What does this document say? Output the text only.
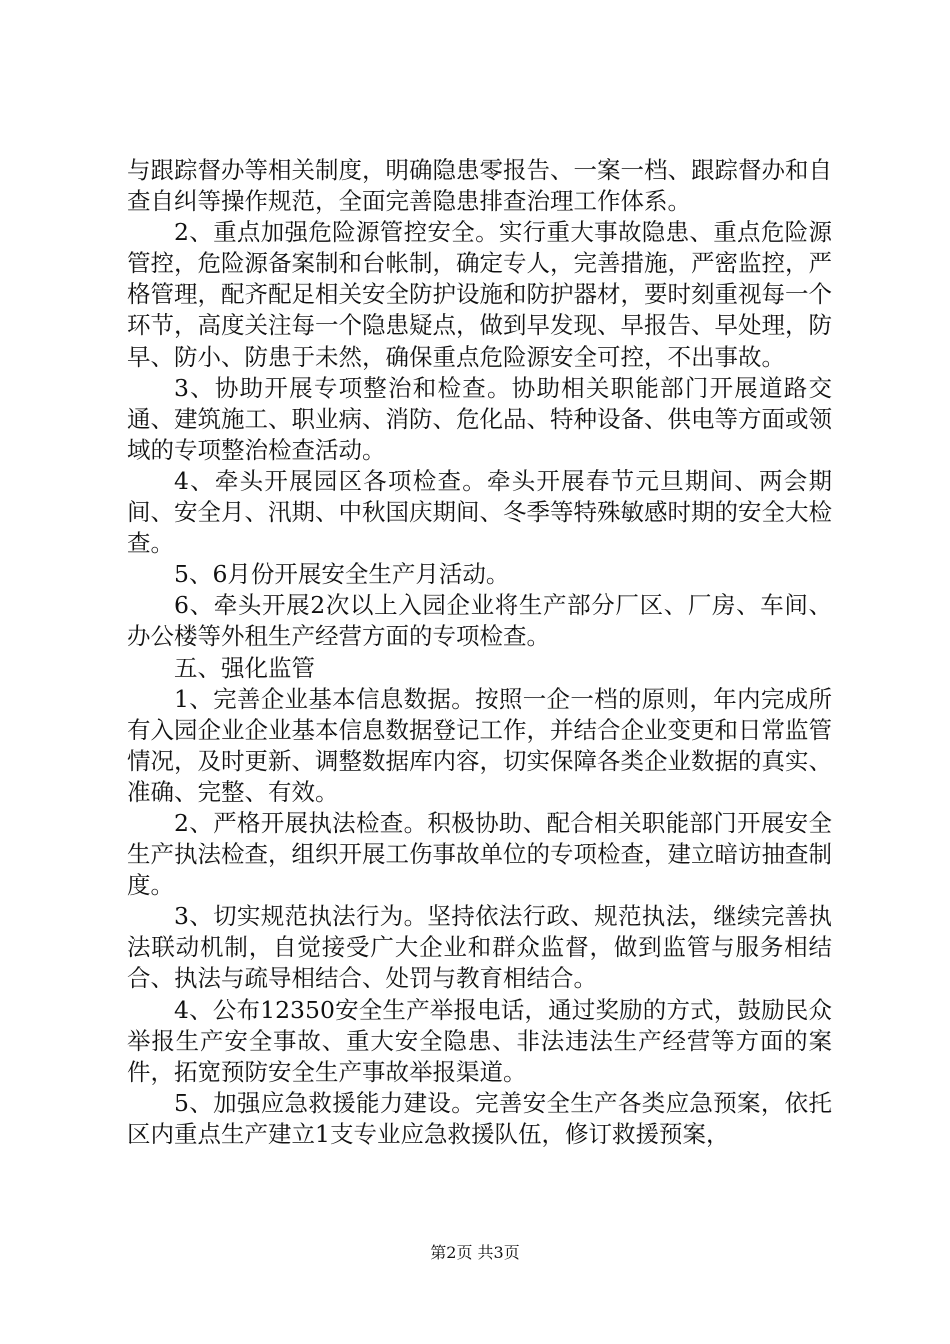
与跟踪督办等相关制度，明确隐患零报告、一案一档、跟踪督办和自查自纠等操作规范，全面完善隐患排查治理工作体系。

2、重点加强危险源管控安全。实行重大事故隐患、重点危险源管控，危险源备案制和台帐制，确定专人，完善措施，严密监控，严格管理，配齐配足相关安全防护设施和防护器材，要时刻重视每一个环节，高度关注每一个隐患疑点，做到早发现、早报告、早处理，防早、防小、防患于未然，确保重点危险源安全可控，不出事故。

3、协助开展专项整治和检查。协助相关职能部门开展道路交通、建筑施工、职业病、消防、危化品、特种设备、供电等方面或领域的专项整治检查活动。

4、牵头开展园区各项检查。牵头开展春节元旦期间、两会期间、安全月、汛期、中秋国庆期间、冬季等特殊敏感时期的安全大检查。

5、6月份开展安全生产月活动。

6、牵头开展2次以上入园企业将生产部分厂区、厂房、车间、办公楼等外租生产经营方面的专项检查。

五、强化监管

1、完善企业基本信息数据。按照一企一档的原则，年内完成所有入园企业企业基本信息数据登记工作，并结合企业变更和日常监管情况，及时更新、调整数据库内容，切实保障各类企业数据的真实、准确、完整、有效。

2、严格开展执法检查。积极协助、配合相关职能部门开展安全生产执法检查，组织开展工伤事故单位的专项检查，建立暗访抽查制度。

3、切实规范执法行为。坚持依法行政、规范执法，继续完善执法联动机制，自觉接受广大企业和群众监督，做到监管与服务相结合、执法与疏导相结合、处罚与教育相结合。

4、公布12350安全生产举报电话，通过奖励的方式，鼓励民众举报生产安全事故、重大安全隐患、非法违法生产经营等方面的案件，拓宽预防安全生产事故举报渠道。

5、加强应急救援能力建设。完善安全生产各类应急预案，依托区内重点生产建立1支专业应急救援队伍，修订救援预案，

第2页 共3页
